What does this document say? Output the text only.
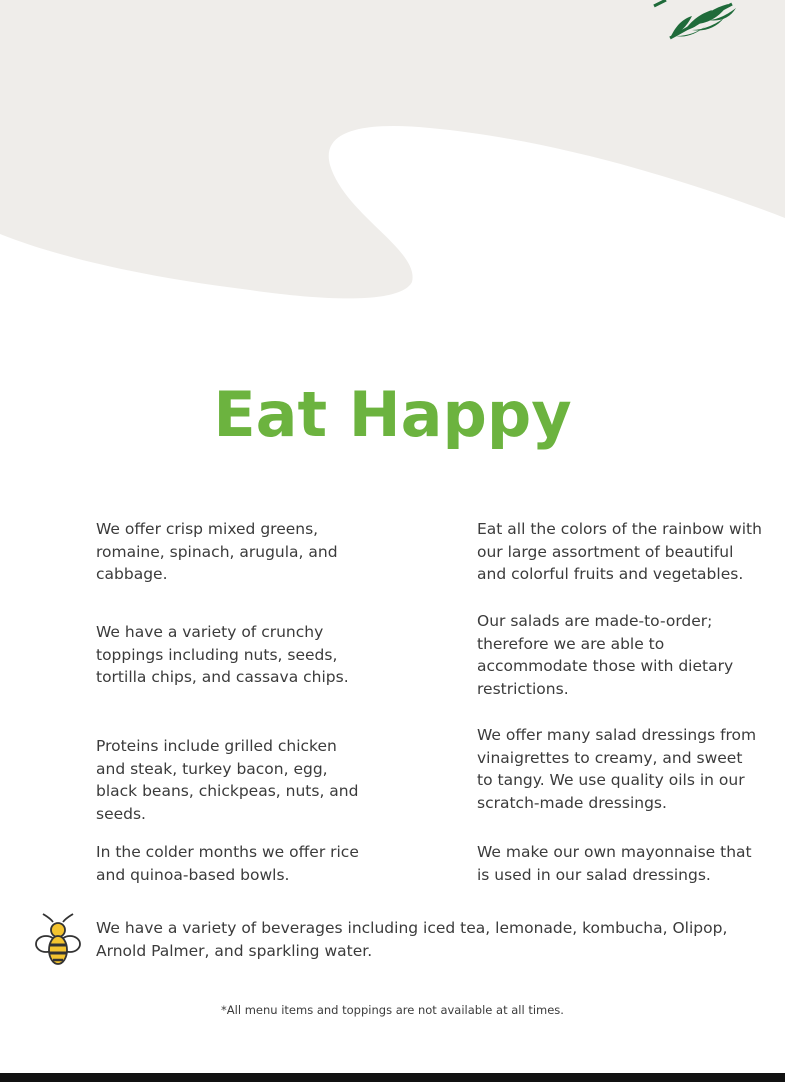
Eat Happy

We offer crisp mixed greens, romaine, spinach, arugula, and cabbage.

We have a variety of crunchy toppings including nuts, seeds, tortilla chips, and cassava chips.

Proteins include grilled chicken and steak, turkey bacon, egg, black beans, chickpeas, nuts, and seeds.

In the colder months we offer rice and quinoa-based bowls.

Eat all the colors of the rainbow with our large assortment of beautiful and colorful fruits and vegetables.

Our salads are made-to-order; therefore we are able to accommodate those with dietary restrictions.

We offer many salad dressings from vinaigrettes to creamy, and sweet to tangy. We use quality oils in our scratch-made dressings.

We make our own mayonnaise that is used in our salad dressings.

We have a variety of beverages including iced tea, lemonade, kombucha, Olipop, Arnold Palmer, and sparkling water.

*All menu items and toppings are not available at all times.
